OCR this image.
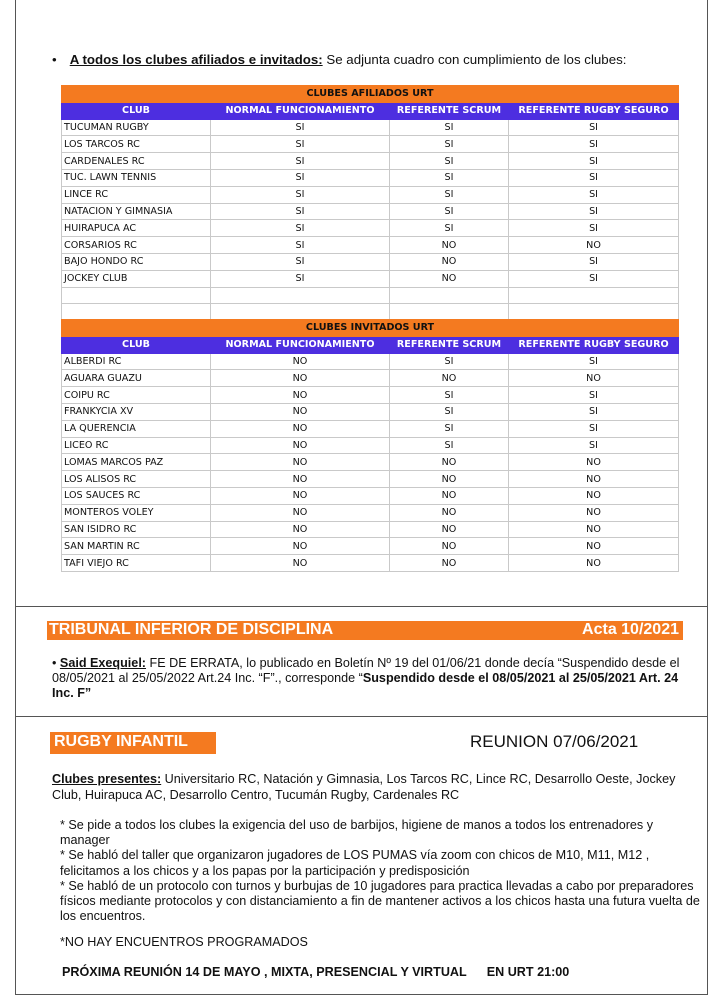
• A todos los clubes afiliados e invitados: Se adjunta cuadro con cumplimiento de los clubes:
CLUBES AFILIADOS URT			
CLUB	NORMAL FUNCIONAMIENTO	REFERENTE SCRUM	REFERENTE RUGBY SEGURO
TUCUMAN RUGBY	SI	SI	SI
LOS TARCOS RC	SI	SI	SI
CARDENALES RC	SI	SI	SI
TUC. LAWN TENNIS	SI	SI	SI
LINCE RC	SI	SI	SI
NATACION Y GIMNASIA	SI	SI	SI
HUIRAPUCA AC	SI	SI	SI
CORSARIOS RC	SI	NO	NO
BAJO HONDO RC	SI	NO	SI
JOCKEY CLUB	SI	NO	SI

CLUBES INVITADOS URT			
CLUB	NORMAL FUNCIONAMIENTO	REFERENTE SCRUM	REFERENTE RUGBY SEGURO
ALBERDI RC	NO	SI	SI
AGUARA GUAZU	NO	NO	NO
COIPU RC	NO	SI	SI
FRANKYCIA XV	NO	SI	SI
LA QUERENCIA	NO	SI	SI
LICEO RC	NO	SI	SI
LOMAS MARCOS PAZ	NO	NO	NO
LOS ALISOS RC	NO	NO	NO
LOS SAUCES RC	NO	NO	NO
MONTEROS VOLEY	NO	NO	NO
SAN ISIDRO RC	NO	NO	NO
SAN MARTIN RC	NO	NO	NO
TAFI VIEJO RC	NO	NO	NO
TRIBUNAL INFERIOR DE DISCIPLINA	Acta 10/2021
• Said Exequiel: FE DE ERRATA, lo publicado en Boletín Nº 19 del 01/06/21 donde decía “Suspendido desde el 08/05/2021 al 25/05/2022 Art.24 Inc. “F”., corresponde “Suspendido desde el 08/05/2021 al 25/05/2021 Art. 24 Inc. F”
RUGBY INFANTIL	REUNION 07/06/2021
Clubes presentes: Universitario RC, Natación y Gimnasia, Los Tarcos RC, Lince RC, Desarrollo Oeste, Jockey Club, Huirapuca AC, Desarrollo Centro, Tucumán Rugby, Cardenales RC

* Se pide a todos los clubes la exigencia del uso de barbijos, higiene de manos a todos los entrenadores y manager

* Se habló del taller que organizaron jugadores de LOS PUMAS vía zoom con chicos de M10, M11, M12 , felicitamos a los chicos y a los papas por la participación y predisposición

* Se habló de un protocolo con turnos y burbujas de 10 jugadores para practica llevadas a cabo por preparadores físicos mediante protocolos y con distanciamiento a fin de mantener activos a los chicos hasta una futura vuelta de los encuentros.

*NO HAY ENCUENTROS PROGRAMADOS
PRÓXIMA REUNIÓN 14 DE MAYO , MIXTA, PRESENCIAL Y VIRTUAL EN URT 21:00
